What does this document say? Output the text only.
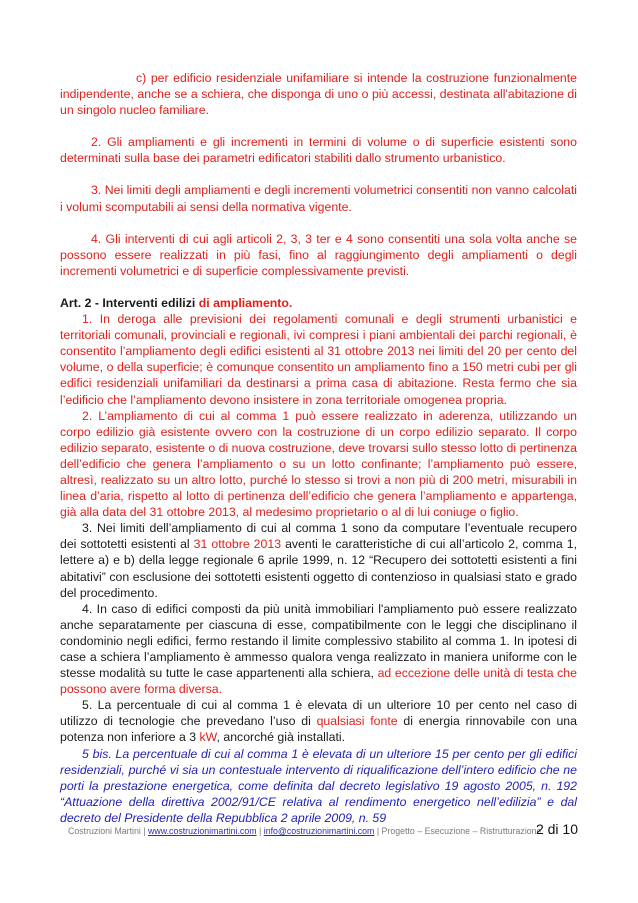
c) per edificio residenziale unifamiliare si intende la costruzione funzionalmente indipendente, anche se a schiera, che disponga di uno o più accessi, destinata all'abitazione di un singolo nucleo familiare.

2. Gli ampliamenti e gli incrementi in termini di volume o di superficie esistenti sono determinati sulla base dei parametri edificatori stabiliti dallo strumento urbanistico.

3. Nei limiti degli ampliamenti e degli incrementi volumetrici consentiti non vanno calcolati i volumi scomputabili ai sensi della normativa vigente.

4. Gli interventi di cui agli articoli 2, 3, 3 ter e 4 sono consentiti una sola volta anche se possono essere realizzati in più fasi, fino al raggiungimento degli ampliamenti o degli incrementi volumetrici e di superficie complessivamente previsti.

Art. 2 - Interventi edilizi di ampliamento.

1. In deroga alle previsioni dei regolamenti comunali e degli strumenti urbanistici e territoriali comunali, provinciali e regionali, ivi compresi i piani ambientali dei parchi regionali, è consentito l’ampliamento degli edifici esistenti al 31 ottobre 2013 nei limiti del 20 per cento del volume, o della superficie; è comunque consentito un ampliamento fino a 150 metri cubi per gli edifici residenziali unifamiliari da destinarsi a prima casa di abitazione. Resta fermo che sia l’edificio che l’ampliamento devono insistere in zona territoriale omogenea propria.

2. L’ampliamento di cui al comma 1 può essere realizzato in aderenza, utilizzando un corpo edilizio già esistente ovvero con la costruzione di un corpo edilizio separato. Il corpo edilizio separato, esistente o di nuova costruzione, deve trovarsi sullo stesso lotto di pertinenza dell’edificio che genera l’ampliamento o su un lotto confinante; l’ampliamento può essere, altresì, realizzato su un altro lotto, purché lo stesso si trovi a non più di 200 metri, misurabili in linea d’aria, rispetto al lotto di pertinenza dell’edificio che genera l’ampliamento e appartenga, già alla data del 31 ottobre 2013, al medesimo proprietario o al di lui coniuge o figlio.

3. Nei limiti dell’ampliamento di cui al comma 1 sono da computare l’eventuale recupero dei sottotetti esistenti al 31 ottobre 2013 aventi le caratteristiche di cui all’articolo 2, comma 1, lettere a) e b) della legge regionale 6 aprile 1999, n. 12 “Recupero dei sottotetti esistenti a fini abitativi” con esclusione dei sottotetti esistenti oggetto di contenzioso in qualsiasi stato e grado del procedimento.

4. In caso di edifici composti da più unità immobiliari l'ampliamento può essere realizzato anche separatamente per ciascuna di esse, compatibilmente con le leggi che disciplinano il condominio negli edifici, fermo restando il limite complessivo stabilito al comma 1. In ipotesi di case a schiera l’ampliamento è ammesso qualora venga realizzato in maniera uniforme con le stesse modalità su tutte le case appartenenti alla schiera, ad eccezione delle unità di testa che possono avere forma diversa.

5. La percentuale di cui al comma 1 è elevata di un ulteriore 10 per cento nel caso di utilizzo di tecnologie che prevedano l’uso di qualsiasi fonte di energia rinnovabile con una potenza non inferiore a 3 kW, ancorché già installati.

5 bis. La percentuale di cui al comma 1 è elevata di un ulteriore 15 per cento per gli edifici residenziali, purché vi sia un contestuale intervento di riqualificazione dell’intero edificio che ne porti la prestazione energetica, come definita dal decreto legislativo 19 agosto 2005, n. 192 “Attuazione della direttiva 2002/91/CE relativa al rendimento energetico nell’edilizia” e dal decreto del Presidente della Repubblica 2 aprile 2009, n. 59

Costruzioni Martini | www.costruzionimartini.com | info@costruzionimartini.com | Progetto – Esecuzione – Ristrutturazione
2 di 10
